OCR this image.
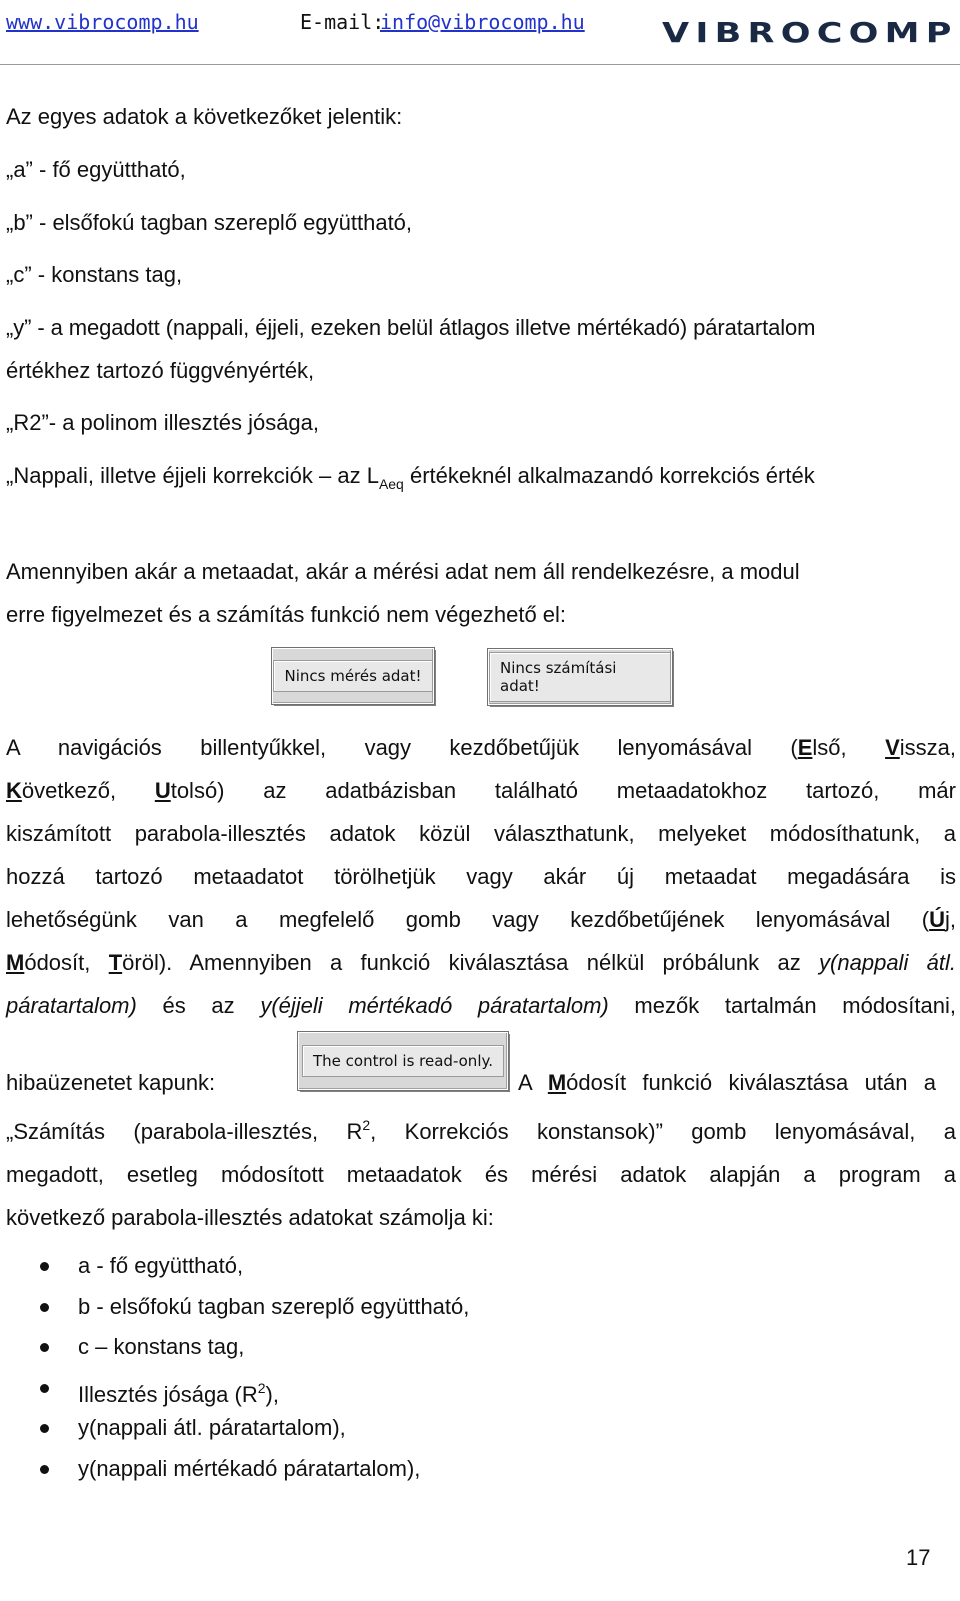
www.vibrocomp.hu	E-mail:
info@vibrocomp.hu	VIBROCOMP

Az egyes adatok a következőket jelentik:

„a” - fő együttható,

„b” - elsőfokú tagban szereplő együttható,

„c” - konstans tag,

„y” - a megadott (nappali, éjjeli, ezeken belül átlagos illetve mértékadó) páratartalom

értékhez tartozó függvényérték,

„R2”- a polinom illesztés jósága,

„Nappali, illetve éjjeli korrekciók – az $L_{Aeq}$ értékeknél alkalmazandó korrekciós érték

Amennyiben akár a metaadat, akár a mérési adat nem áll rendelkezésre, a modul

erre figyelmezet és a számítás funkció nem végezhető el:

Nincs mérés adat!	Nincs számítási adat!
A navigációs billentyűkkel, vagy kezdőbetűjük lenyomásával (Első, Vissza,
Következő, Utolsó) az adatbázisban található metaadatokhoz tartozó, már
kiszámított parabola-illesztés adatok közül választhatunk, melyeket módosíthatunk, a
hozzá tartozó metaadatot törölhetjük vagy akár új metaadat megadására is
lehetőségünk van a megfelelő gomb vagy kezdőbetűjének lenyomásával (Új,
Módosít, Töröl). Amennyiben a funkció kiválasztása nélkül próbálunk az y(nappali átl.
páratartalom) és az y(éjjeli mértékadó páratartalom) mezők tartalmán módosítani,

hibaüzenetet kapunk:

The control is read-only.

A Módosít funkció kiválasztása után a

„Számítás (parabola-illesztés, $R^2$, Korrekciós konstansok)” gomb lenyomásával, a
megadott, esetleg módosított metaadatok és mérési adatok alapján a program a
következő parabola-illesztés adatokat számolja ki:
a - fő együttható,
b - elsőfokú tagban szereplő együttható,
c – konstans tag,
Illesztés jósága $(R^2)$,
y(nappali átl. páratartalom),
y(nappali mértékadó páratartalom),
17
